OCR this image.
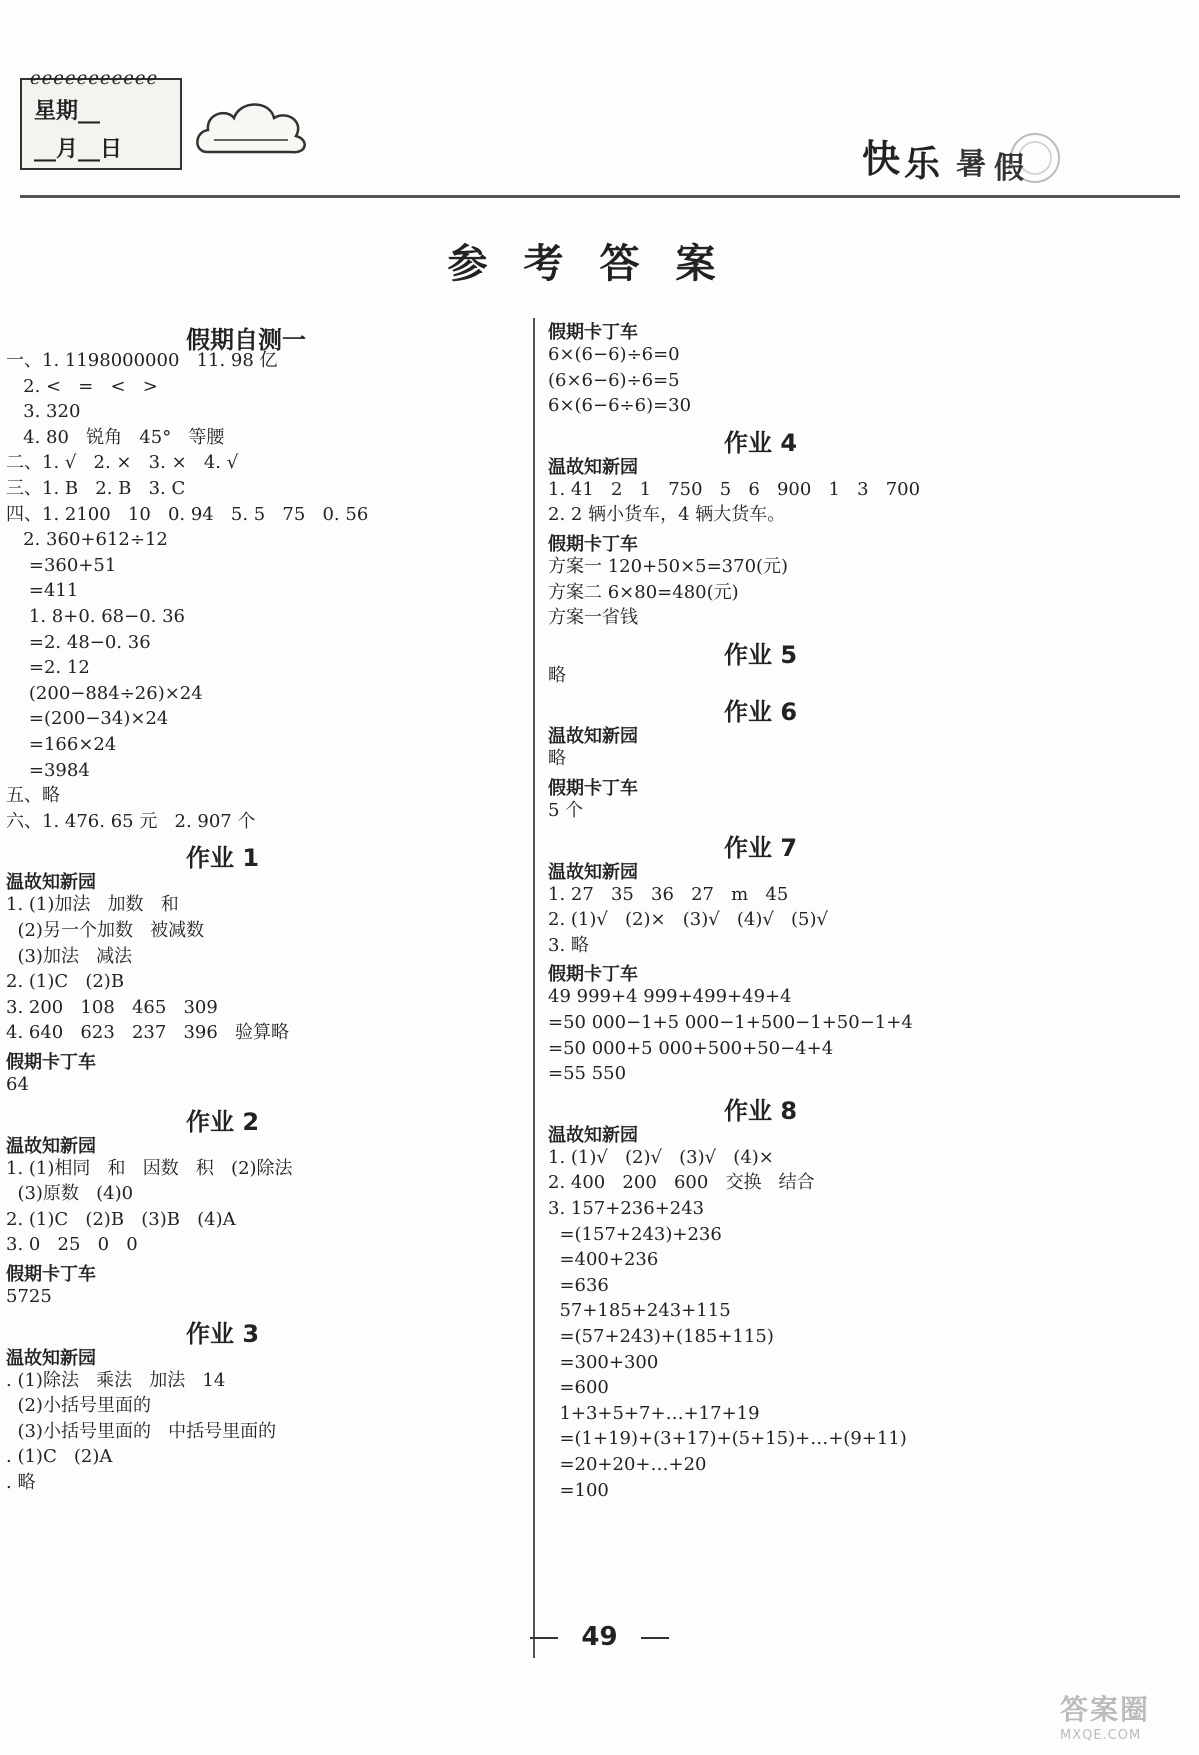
ℯℯℯℯℯℯℯℯℯℯℯ
星期__
__月__日	快 乐 暑 假
参考答案
假期自测一
一、1. 1198000000   11. 98 亿
2. <   =   <   >
3. 320
4. 80   锐角   45°   等腰
二、1. √   2. ×   3. ×   4. √
三、1. B   2. B   3. C
四、1. 2100   10   0. 94   5. 5   75   0. 56
2. 360+612÷12
=360+51
=411
1. 8+0. 68−0. 36
=2. 48−0. 36
=2. 12
(200−884÷26)×24
=(200−34)×24
=166×24
=3984
五、略
六、1. 476. 65 元   2. 907 个
作业 1
温故知新园
1. (1)加法   加数   和
(2)另一个加数   被减数
(3)加法   减法
2. (1)C   (2)B
3. 200   108   465   309
4. 640   623   237   396   验算略
假期卡丁车
64
作业 2
温故知新园
1. (1)相同   和   因数   积   (2)除法
(3)原数   (4)0
2. (1)C   (2)B   (3)B   (4)A
3. 0   25   0   0
假期卡丁车
5725
作业 3
温故知新园
. (1)除法   乘法   加法   14
(2)小括号里面的
(3)小括号里面的   中括号里面的
. (1)C   (2)A
. 略
假期卡丁车
6×(6−6)÷6=0
(6×6−6)÷6=5
6×(6−6÷6)=30
作业 4
温故知新园
1. 41   2   1   750   5   6   900   1   3   700
2. 2 辆小货车，4 辆大货车。
假期卡丁车
方案一 120+50×5=370(元)
方案二 6×80=480(元)
方案一省钱
作业 5
略
作业 6
温故知新园
略
假期卡丁车
5 个
作业 7
温故知新园
1. 27   35   36   27   m   45
2. (1)√   (2)×   (3)√   (4)√   (5)√
3. 略
假期卡丁车
49 999+4 999+499+49+4
=50 000−1+5 000−1+500−1+50−1+4
=50 000+5 000+500+50−4+4
=55 550
作业 8
温故知新园
1. (1)√   (2)√   (3)√   (4)×
2. 400   200   600   交换   结合
3. 157+236+243
=(157+243)+236
=400+236
=636
57+185+243+115
=(57+243)+(185+115)
=300+300
=600
1+3+5+7+…+17+19
=(1+19)+(3+17)+(5+15)+…+(9+11)
=20+20+…+20
=100
49
答案圈
MXQE.COM
